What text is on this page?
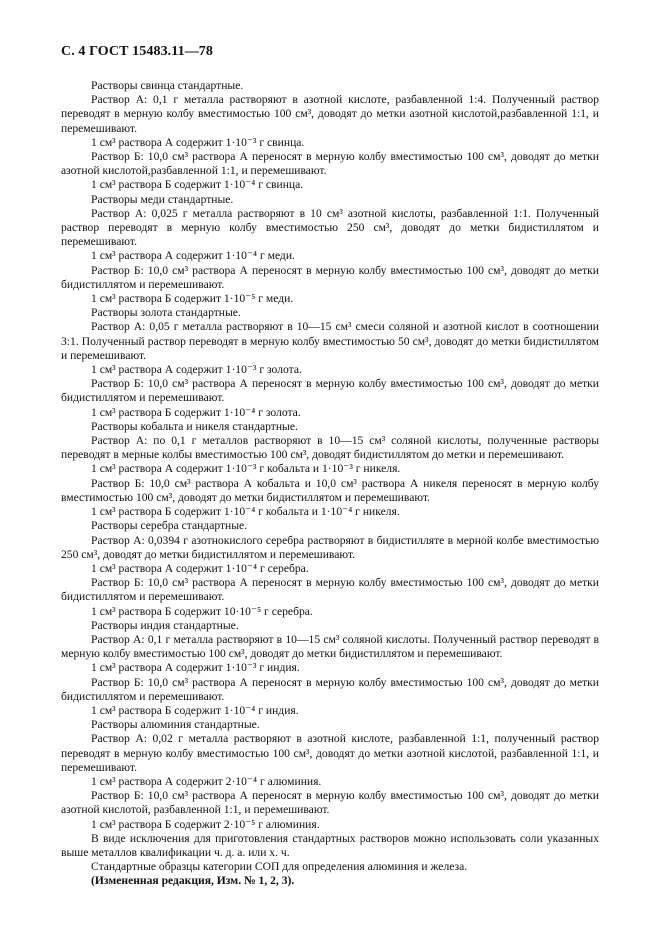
С. 4 ГОСТ 15483.11—78

Растворы свинца стандартные.

Раствор А: 0,1 г металла растворяют в азотной кислоте, разбавленной 1:4. Полученный раствор переводят в мерную колбу вместимостью 100 см³, доводят до метки азотной кислотой,разбавленной 1:1, и перемешивают.

1 см³ раствора А содержит 1·10⁻³ г свинца.

Раствор Б: 10,0 см³ раствора А переносят в мерную колбу вместимостью 100 см³, доводят до метки азотной кислотой,разбавленной 1:1, и перемешивают.

1 см³ раствора Б содержит 1·10⁻⁴ г свинца.

Растворы меди стандартные.

Раствор А: 0,025 г металла растворяют в 10 см³ азотной кислоты, разбавленной 1:1. Полученный раствор переводят в мерную колбу вместимостью 250 см³, доводят до метки бидистиллятом и перемешивают.

1 см³ раствора А содержит 1·10⁻⁴ г меди.

Раствор Б: 10,0 см³ раствора А переносят в мерную колбу вместимостью 100 см³, доводят до метки бидистиллятом и перемешивают.

1 см³ раствора Б содержит 1·10⁻⁵ г меди.

Растворы золота стандартные.

Раствор А: 0,05 г металла растворяют в 10—15 см³ смеси соляной и азотной кислот в соотношении 3:1. Полученный раствор переводят в мерную колбу вместимостью 50 см³, доводят до метки бидистиллятом и перемешивают.

1 см³ раствора А содержит 1·10⁻³ г золота.

Раствор Б: 10,0 см³ раствора А переносят в мерную колбу вместимостью 100 см³, доводят до метки бидистиллятом и перемешивают.

1 см³ раствора Б содержит 1·10⁻⁴ г золота.

Растворы кобальта и никеля стандартные.

Раствор А: по 0,1 г металлов растворяют в 10—15 см³ соляной кислоты, полученные растворы переводят в мерные колбы вместимостью 100 см³, доводят бидистиллятом до метки и перемешивают.

1 см³ раствора А содержит 1·10⁻³ г кобальта и 1·10⁻³ г никеля.

Раствор Б: 10,0 см³ раствора А кобальта и 10,0 см³ раствора А никеля переносят в мерную колбу вместимостью 100 см³, доводят до метки бидистиллятом и перемешивают.

1 см³ раствора Б содержит 1·10⁻⁴ г кобальта и 1·10⁻⁴ г никеля.

Растворы серебра стандартные.

Раствор А: 0,0394 г азотнокислого серебра растворяют в бидистилляте в мерной колбе вместимостью 250 см³, доводят до метки бидистиллятом и перемешивают.

1 см³ раствора А содержит 1·10⁻⁴ г серебра.

Раствор Б: 10,0 см³ раствора А переносят в мерную колбу вместимостью 100 см³, доводят до метки бидистиллятом и перемешивают.

1 см³ раствора Б содержит 10·10⁻⁵ г серебра.

Растворы индия стандартные.

Раствор А: 0,1 г металла растворяют в 10—15 см³ соляной кислоты. Полученный раствор переводят в мерную колбу вместимостью 100 см³, доводят до метки бидистиллятом и перемешивают.

1 см³ раствора А содержит 1·10⁻³ г индия.

Раствор Б: 10,0 см³ раствора А переносят в мерную колбу вместимостью 100 см³, доводят до метки бидистиллятом и перемешивают.

1 см³ раствора Б содержит 1·10⁻⁴ г индия.

Растворы алюминия стандартные.

Раствор А: 0,02 г металла растворяют в азотной кислоте, разбавленной 1:1, полученный раствор переводят в мерную колбу вместимостью 100 см³, доводят до метки азотной кислотой, разбавленной 1:1, и перемешивают.

1 см³ раствора А содержит 2·10⁻⁴ г алюминия.

Раствор Б: 10,0 см³ раствора А переносят в мерную колбу вместимостью 100 см³, доводят до метки азотной кислотой, разбавленной 1:1, и перемешивают.

1 см³ раствора Б содержит 2·10⁻⁵ г алюминия.

В виде исключения для приготовления стандартных растворов можно использовать соли указанных выше металлов квалификации ч. д. а. или х. ч.

Стандартные образцы категории СОП для определения алюминия и железа.

(Измененная редакция, Изм. № 1, 2, 3).
